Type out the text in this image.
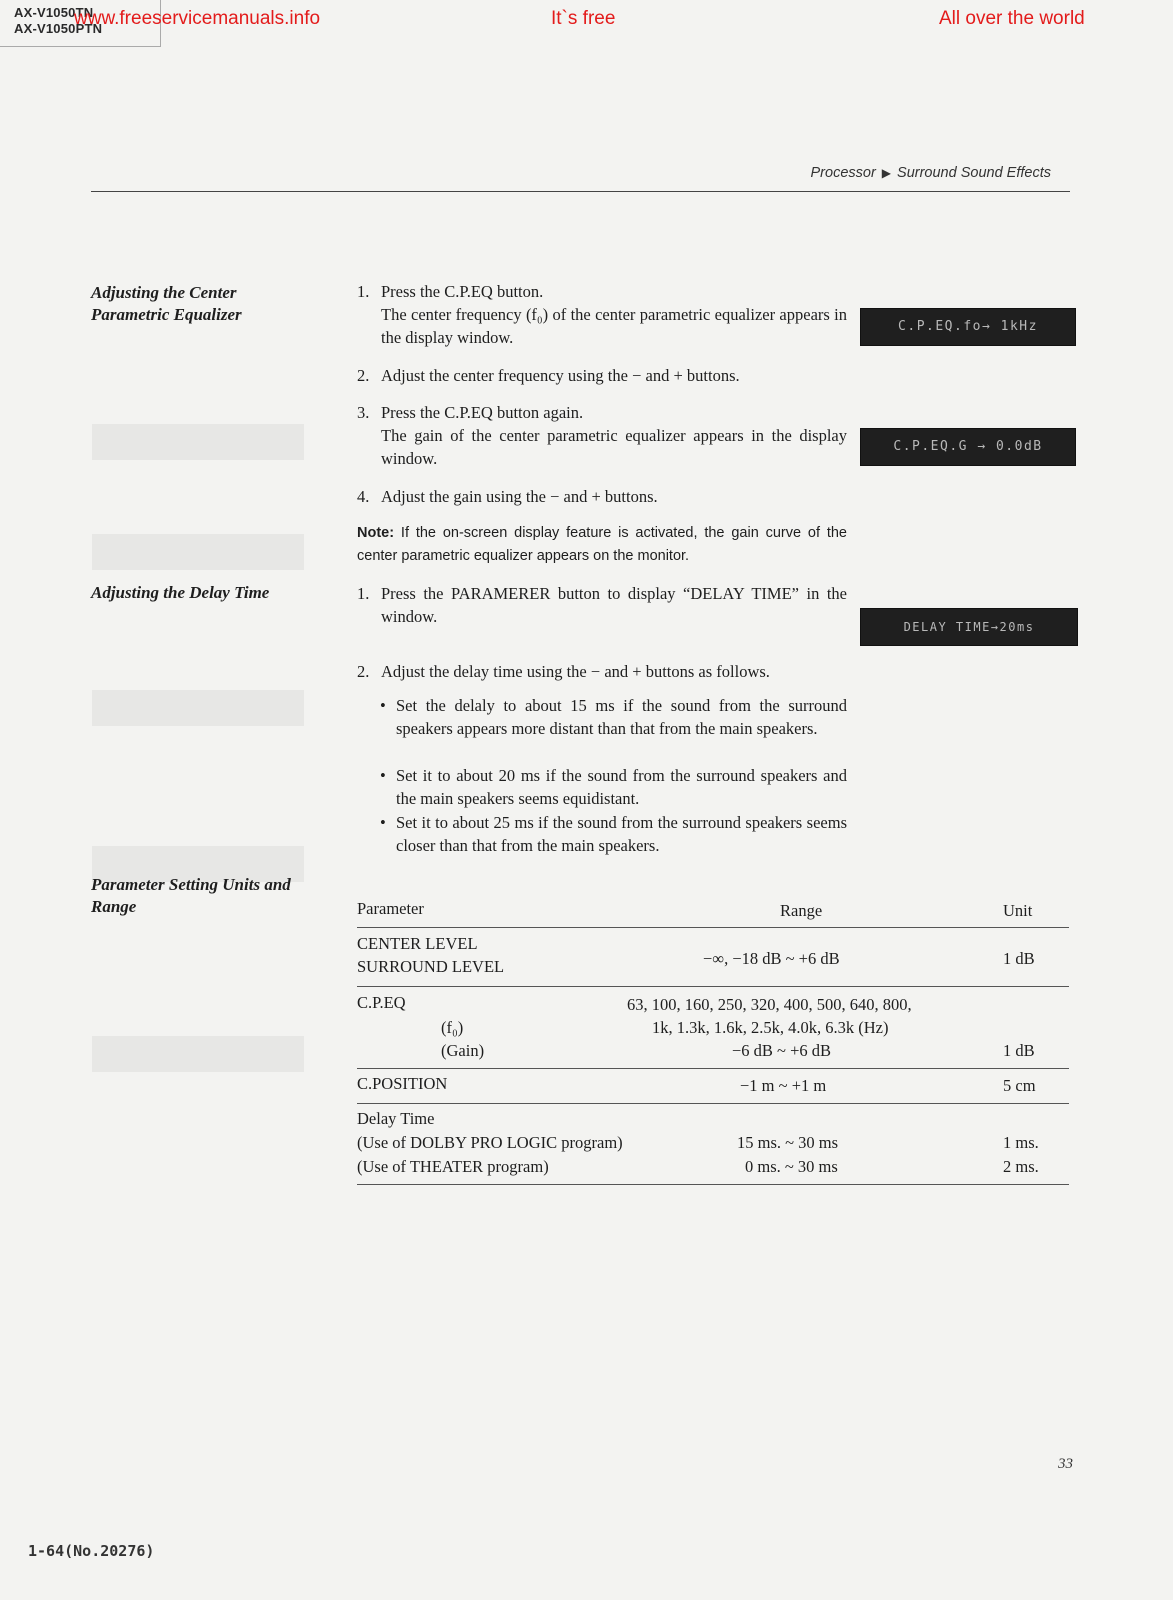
AX-V1050TN
AX-V1050PTN
www.freeservicemanuals.info	It`s free	All over the world
Processor ▶ Surround Sound Effects
Adjusting the Center Parametric Equalizer
1. Press the C.P.EQ button.
The center frequency (f₀) of the center parametric equalizer appears in the display window.
2. Adjust the center frequency using the − and + buttons.
3. Press the C.P.EQ button again.
The gain of the center parametric equalizer appears in the display window.
4. Adjust the gain using the − and + buttons.
Note: If the on-screen display feature is activated, the gain curve of the center parametric equalizer appears on the monitor.
C.P.EQ.fo→ 1kHz
C.P.EQ.G → 0.0dB
Adjusting the Delay Time	1. Press the PARAMERER button to display “DELAY TIME” in the window.
2. Adjust the delay time using the − and + buttons as follows.
• Set the delaly to about 15 ms if the sound from the surround speakers appears more distant than that from the main speakers.
• Set it to about 20 ms if the sound from the surround speakers and the main speakers seems equidistant.
• Set it to about 25 ms if the sound from the surround speakers seems closer than that from the main speakers.
DELAY TIME→20ms
Parameter Setting Units and Range	Parameter	Range	Unit
CENTER LEVEL
SURROUND LEVEL	−∞, −18 dB ~ +6 dB	1 dB
C.P.EQ	63, 100, 160, 250, 320, 400, 500, 640, 800,
(f₀)	1k, 1.3k, 1.6k, 2.5k, 4.0k, 6.3k (Hz)
(Gain)	−6 dB ~ +6 dB	1 dB
C.POSITION	−1 m ~ +1 m	5 cm
Delay Time
(Use of DOLBY PRO LOGIC program)	15 ms. ~ 30 ms	1 ms.
(Use of THEATER program)	0 ms. ~ 30 ms	2 ms.
33
1-64(No.20276)
